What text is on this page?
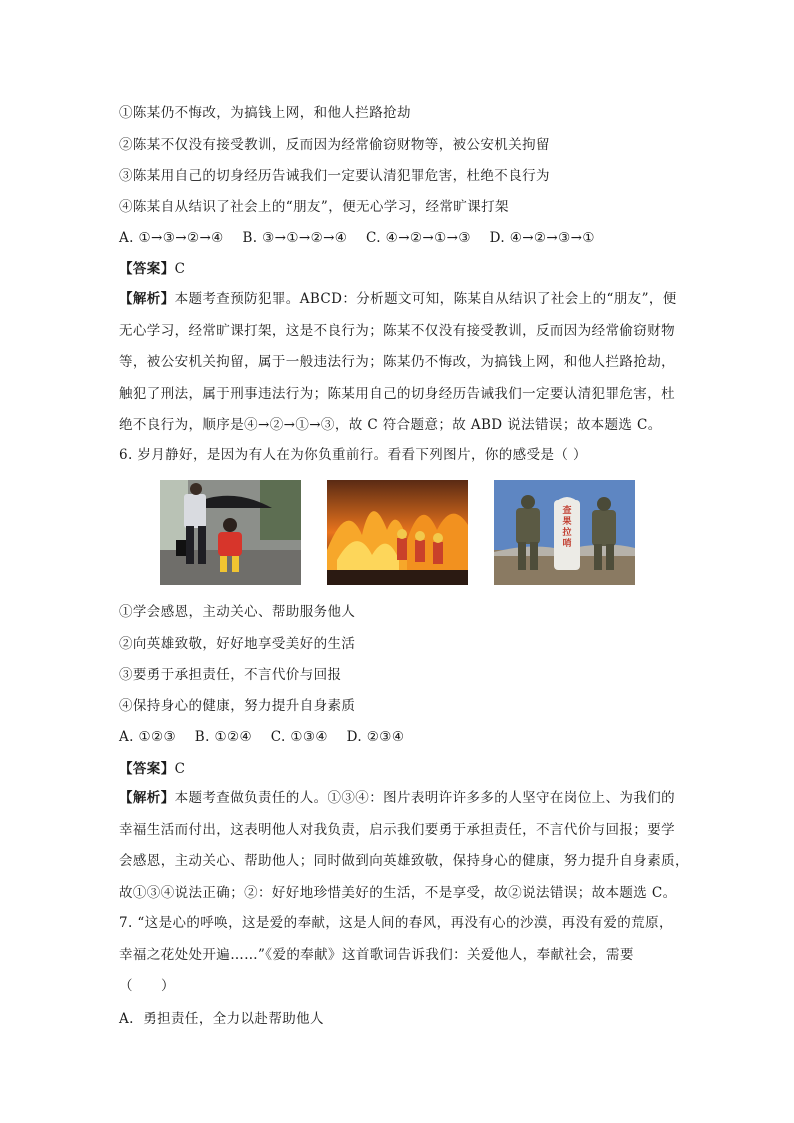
①陈某仍不悔改，为搞钱上网，和他人拦路抢劫
②陈某不仅没有接受教训，反而因为经常偷窃财物等，被公安机关拘留
③陈某用自己的切身经历告诫我们一定要认清犯罪危害，杜绝不良行为
④陈某自从结识了社会上的“朋友”，便无心学习，经常旷课打架
A. ①→③→②→④    B. ③→①→②→④    C. ④→②→①→③    D. ④→②→③→①
【答案】C
【解析】本题考查预防犯罪。ABCD：分析题文可知，陈某自从结识了社会上的“朋友”，便
无心学习，经常旷课打架，这是不良行为；陈某不仅没有接受教训，反而因为经常偷窃财物
等，被公安机关拘留，属于一般违法行为；陈某仍不悔改，为搞钱上网，和他人拦路抢劫，
触犯了刑法，属于刑事违法行为；陈某用自己的切身经历告诫我们一定要认清犯罪危害，杜
绝不良行为，顺序是④→②→①→③，故 C 符合题意；故 ABD 说法错误；故本题选 C。
6. 岁月静好，是因为有人在为你负重前行。看看下列图片，你的感受是（ ）
查果拉哨
①学会感恩，主动关心、帮助服务他人
②向英雄致敬，好好地享受美好的生活
③要勇于承担责任，不言代价与回报
④保持身心的健康，努力提升自身素质
A. ①②③    B. ①②④    C. ①③④    D. ②③④
【答案】C
【解析】本题考查做负责任的人。①③④：图片表明许许多多的人坚守在岗位上、为我们的
幸福生活而付出，这表明他人对我负责，启示我们要勇于承担责任，不言代价与回报；要学
会感恩，主动关心、帮助他人；同时做到向英雄致敬，保持身心的健康，努力提升自身素质，
故①③④说法正确；②：好好地珍惜美好的生活，不是享受，故②说法错误；故本题选 C。
7. “这是心的呼唤，这是爱的奉献，这是人间的春风，再没有心的沙漠，再没有爱的荒原，
幸福之花处处开遍……”《爱的奉献》这首歌词告诉我们：关爱他人，奉献社会，需要
（      ）
A.  勇担责任，全力以赴帮助他人
